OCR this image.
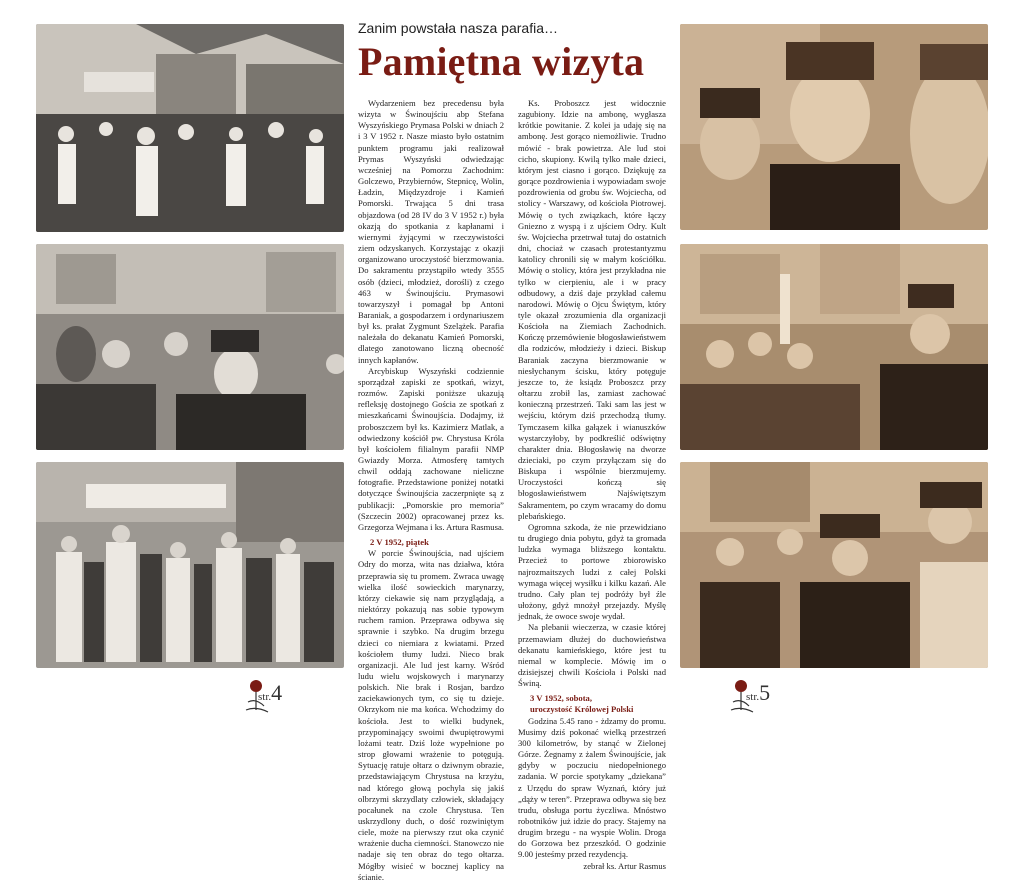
Zanim powstała nasza parafia…
Pamiętna wizyta

Wydarzeniem bez precedensu była wizyta w Świnoujściu abp Stefana Wyszyńskiego Prymasa Polski w dniach 2 i 3 V 1952 r. Nasze miasto było ostatnim punktem programu jaki realizował Prymas Wyszyński odwiedzając wcześniej na Pomorzu Zachodnim: Golczewo, Przybiernów, Stepnicę, Wolin, Ładzin, Międzyzdroje i Kamień Pomorski. Trwająca 5 dni trasa objazdowa (od 28 IV do 3 V 1952 r.) była okazją do spotkania z kapłanami i wiernymi żyjącymi w rzeczywistości ziem odzyskanych. Korzystając z okazji organizowano uroczystość bierzmowania. Do sakramentu przystąpiło wtedy 3555 osób (dzieci, młodzież, dorośli) z czego 463 w Świnoujściu. Prymasowi towarzyszył i pomagał bp Antoni Baraniak, a gospodarzem i ordynariuszem był ks. prałat Zygmunt Szelążek. Parafia należała do dekanatu Kamień Pomorski, dlatego zanotowano liczną obecność innych kapłanów.

Arcybiskup Wyszyński codziennie sporządzał zapiski ze spotkań, wizyt, rozmów. Zapiski poniższe ukazują refleksję dostojnego Gościa ze spotkań z mieszkańcami Świnoujścia. Dodajmy, iż proboszczem był ks. Kazimierz Matlak, a odwiedzony kościół pw. Chrystusa Króla był kościołem filialnym parafii NMP Gwiazdy Morza. Atmosferę tamtych chwil oddają zachowane nieliczne fotografie. Przedstawione poniżej notatki dotyczące Świnoujścia zaczerpnięte są z publikacji: „Pomorskie pro memoria” (Szczecin 2002) opracowanej przez ks. Grzegorza Wejmana i ks. Artura Rasmusa.

2 V 1952, piątek

W porcie Świnoujścia, nad ujściem Odry do morza, wita nas działwa, która przeprawia się tu promem. Zwraca uwagę wielka ilość sowieckich marynarzy, którzy ciekawie się nam przyglądają, a niektórzy pokazują nas sobie typowym ruchem ramion. Przeprawa odbywa się sprawnie i szybko. Na drugim brzegu dzieci co niemiara z kwiatami. Przed kościołem tłumy ludzi. Nieco brak organizacji. Ale lud jest karny. Wśród ludu wielu wojskowych i marynarzy polskich. Nie brak i Rosjan, bardzo zaciekawionych tym, co się tu dzieje. Okrzykom nie ma końca. Wchodzimy do kościoła. Jest to wielki budynek, przypominający swoimi dwupiętrowymi lożami teatr. Dziś loże wypełnione po strop głowami wrażenie to potęgują. Sytuację ratuje ołtarz o dziwnym obrazie, przedstawiającym Chrystusa na krzyżu, nad którego głową pochyla się jakiś olbrzymi skrzydlaty człowiek, składający pocałunek na czole Chrystusa. Ten uskrzydlony duch, o dość rozwiniętym ciele, może na pierwszy rzut oka czynić wrażenie ducha ciemności. Stanowczo nie nadaje się ten obraz do tego ołtarza. Mógłby wisieć w bocznej kaplicy na ścianie.

Ks. Proboszcz jest widocznie zagubiony. Idzie na ambonę, wygłasza krótkie powitanie. Z kolei ja udaję się na ambonę. Jest gorąco niemożliwie. Trudno mówić - brak powietrza. Ale lud stoi cicho, skupiony. Kwilą tylko małe dzieci, którym jest ciasno i gorąco. Dziękuję za gorące pozdrowienia i wypowiadam swoje pozdrowienia od grobu św. Wojciecha, od stolicy - Warszawy, od kościoła Piotrowej. Mówię o tych związkach, które łączy Gniezno z wyspą i z ujściem Odry. Kult św. Wojciecha przetrwał tutaj do ostatnich dni, chociaż w czasach protestantyzmu katolicy chronili się w małym kościółku. Mówię o stolicy, która jest przykładna nie tylko w cierpieniu, ale i w pracy odbudowy, a dziś daje przykład całemu narodowi. Mówię o Ojcu Świętym, który tyle okazał zrozumienia dla organizacji Kościoła na Ziemiach Zachodnich. Kończę przemówienie błogosławieństwem dla rodziców, młodzieży i dzieci. Biskup Baraniak zaczyna bierzmowanie w niesłychanym ścisku, który potęguje jeszcze to, że ksiądz Proboszcz przy ołtarzu zrobił las, zamiast zachować konieczną przestrzeń. Taki sam las jest w wejściu, którym dziś przechodzą tłumy. Tymczasem kilka gałązek i wianuszków wystarczyłoby, by podkreślić odświętny charakter dnia. Błogosławię na dworze dzieciaki, po czym przyłączam się do Biskupa i wspólnie bierzmujemy. Uroczystości kończą się błogosławieństwem Najświętszym Sakramentem, po czym wracamy do domu plebańskiego.

Ogromna szkoda, że nie przewidziano tu drugiego dnia pobytu, gdyż ta gromada ludzka wymaga bliższego kontaktu. Przecież to portowe zbiorowisko najrozmaitszych ludzi z całej Polski wymaga więcej wysiłku i kilku kazań. Ale trudno. Cały plan tej podróży był źle ułożony, gdyż mnożył przejazdy. Myślę jednak, że owoce swoje wydał.

Na plebanii wieczerza, w czasie której przemawiam dłużej do duchowieństwa dekanatu kamieńskiego, które jest tu niemal w komplecie. Mówię im o dzisiejszej chwili Kościoła i Polski nad Świną.

3 V 1952, sobota,

uroczystość Królowej Polski

Godzina 5.45 rano - żdzamy do promu. Musimy dziś pokonać wielką przestrzeń 300 kilometrów, by stanąć w Zielonej Górze. Żegnamy z żalem Świnoujście, jak gdyby w poczuciu niedopełnionego zadania. W porcie spotykamy „dziekana” z Urzędu do spraw Wyznań, który już „dąży w teren”. Przeprawa odbywa się bez trudu, obsługa portu życzliwa. Mnóstwo robotników już idzie do pracy. Stajemy na drugim brzegu - na wyspie Wolin. Droga do Gorzowa bez przeszkód. O godzinie 9.00 jesteśmy przed rezydencją.

zebrał ks. Artur Rasmus

str.4	str.5
